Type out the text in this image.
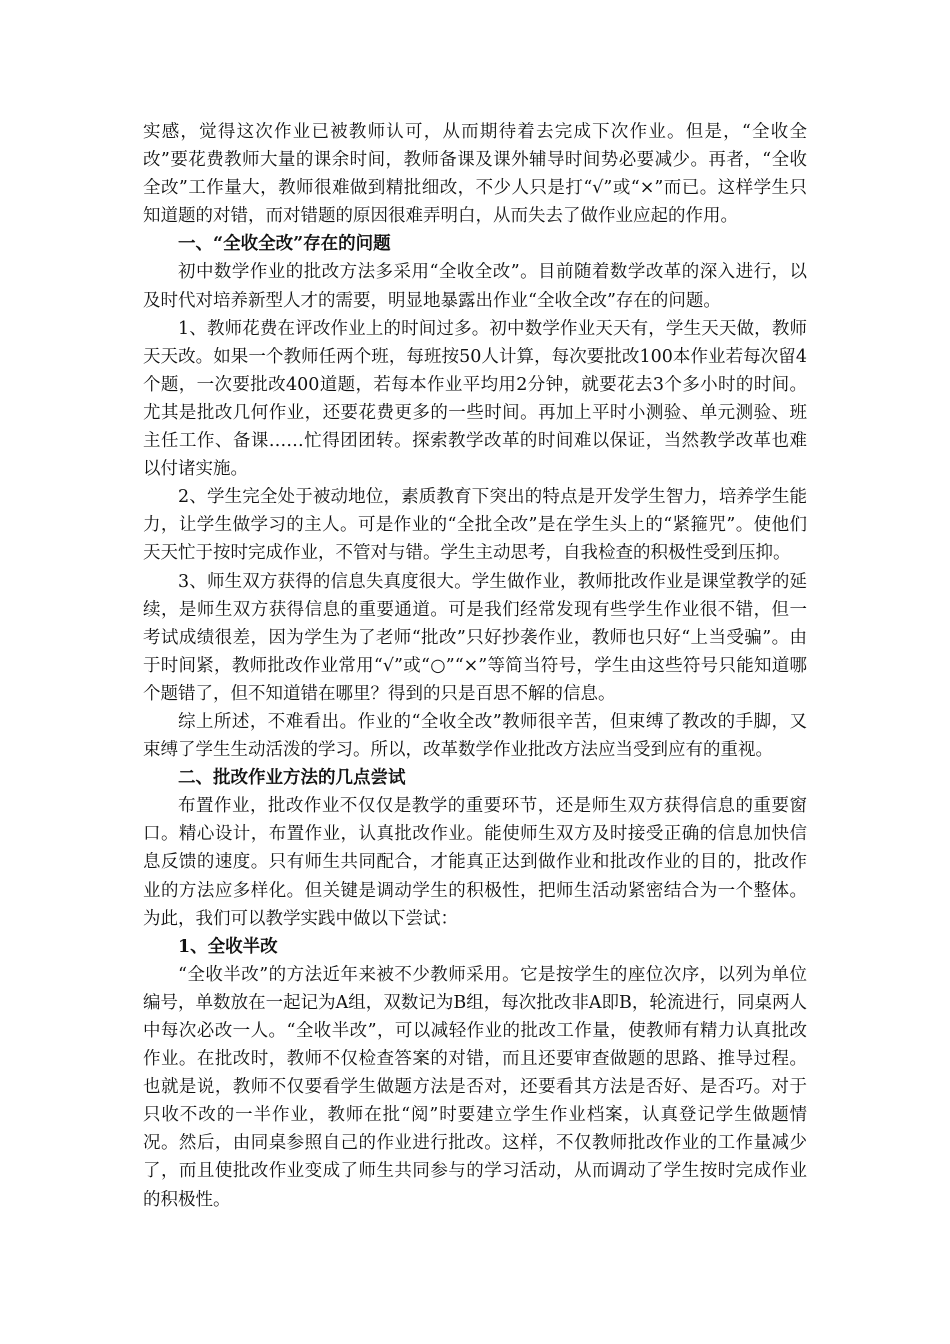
实感，觉得这次作业已被教师认可，从而期待着去完成下次作业。但是，“全收全改”要花费教师大量的课余时间，教师备课及课外辅导时间势必要减少。再者，“全收全改”工作量大，教师很难做到精批细改，不少人只是打“√”或“×”而已。这样学生只知道题的对错，而对错题的原因很难弄明白，从而失去了做作业应起的作用。

一、“全收全改”存在的问题

初中数学作业的批改方法多采用“全收全改”。目前随着数学改革的深入进行，以及时代对培养新型人才的需要，明显地暴露出作业“全收全改”存在的问题。

1、教师花费在评改作业上的时间过多。初中数学作业天天有，学生天天做，教师天天改。如果一个教师任两个班，每班按50人计算，每次要批改100本作业若每次留4个题，一次要批改400道题，若每本作业平均用2分钟，就要花去3个多小时的时间。尤其是批改几何作业，还要花费更多的一些时间。再加上平时小测验、单元测验、班主任工作、备课……忙得团团转。探索教学改革的时间难以保证，当然教学改革也难以付诸实施。

2、学生完全处于被动地位，素质教育下突出的特点是开发学生智力，培养学生能力，让学生做学习的主人。可是作业的“全批全改”是在学生头上的“紧箍咒”。使他们天天忙于按时完成作业，不管对与错。学生主动思考，自我检查的积极性受到压抑。

3、师生双方获得的信息失真度很大。学生做作业，教师批改作业是课堂教学的延续，是师生双方获得信息的重要通道。可是我们经常发现有些学生作业很不错，但一考试成绩很差，因为学生为了老师“批改”只好抄袭作业，教师也只好“上当受骗”。由于时间紧，教师批改作业常用“√”或“○”“×”等简当符号，学生由这些符号只能知道哪个题错了，但不知道错在哪里？得到的只是百思不解的信息。

综上所述，不难看出。作业的“全收全改”教师很辛苦，但束缚了教改的手脚，又束缚了学生生动活泼的学习。所以，改革数学作业批改方法应当受到应有的重视。

二、批改作业方法的几点尝试

布置作业，批改作业不仅仅是教学的重要环节，还是师生双方获得信息的重要窗口。精心设计，布置作业，认真批改作业。能使师生双方及时接受正确的信息加快信息反馈的速度。只有师生共同配合，才能真正达到做作业和批改作业的目的，批改作业的方法应多样化。但关键是调动学生的积极性，把师生活动紧密结合为一个整体。为此，我们可以教学实践中做以下尝试：

1、全收半改

“全收半改”的方法近年来被不少教师采用。它是按学生的座位次序，以列为单位编号，单数放在一起记为A组，双数记为B组，每次批改非A即B，轮流进行，同桌两人中每次必改一人。“全收半改”，可以减轻作业的批改工作量，使教师有精力认真批改作业。在批改时，教师不仅检查答案的对错，而且还要审查做题的思路、推导过程。也就是说，教师不仅要看学生做题方法是否对，还要看其方法是否好、是否巧。对于只收不改的一半作业，教师在批“阅”时要建立学生作业档案，认真登记学生做题情况。然后，由同桌参照自己的作业进行批改。这样，不仅教师批改作业的工作量减少了，而且使批改作业变成了师生共同参与的学习活动，从而调动了学生按时完成作业的积极性。
